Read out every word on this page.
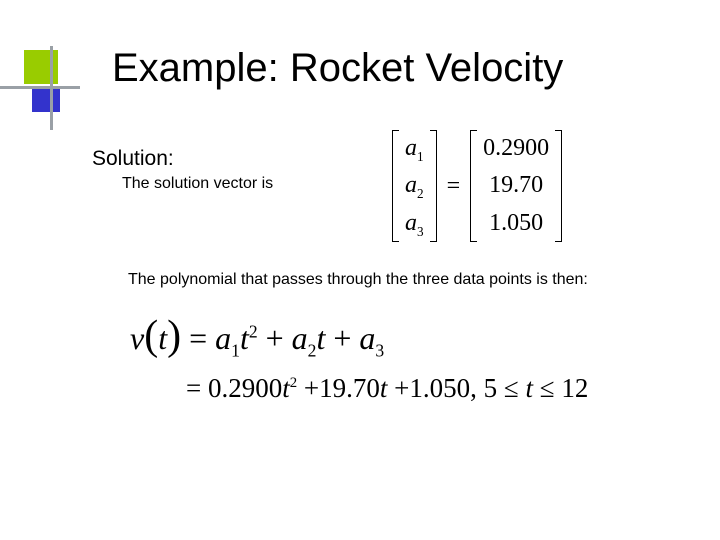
Example: Rocket Velocity
Solution:
The solution vector is
$a_1$
$a_2$
$a_3$
=
0.2900
19.70
1.050
The polynomial that passes through the three data points is then:
$v(t) = a_1t^2 + a_2t + a_3$
= $0.2900t^2 +19.70t +1.050$, 5 ≤ t ≤ 12
